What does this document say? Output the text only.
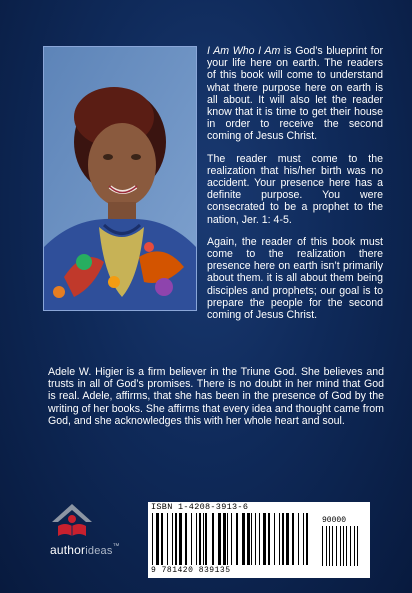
I Am Who I Am is God’s blueprint for your life here on earth. The readers of this book will come to understand what there purpose here on earth is all about. It will also let the reader know that it is time to get their house in order to receive the second coming of Jesus Christ.

The reader must come to the realization that his/her birth was no accident. Your presence here has a definite purpose. You were consecrated to be a prophet to the nation, Jer. 1: 4-5.

Again, the reader of this book must come to the realization there presence here on earth isn’t primarily about them. it is all about them being disciples and prophets; our goal is to prepare the people for the second coming of Jesus Christ.

Adele W. Higier is a firm believer in the Triune God. She believes and trusts in all of God’s promises. There is no doubt in her mind that God is real. Adele, affirms, that she has been in the presence of God by the writing of her books. She affirms that every idea and thought came from God, and she acknowledges this with her whole heart and soul.

authorideas™
ISBN 1-4208-3913-6
90000
9 781420 839135
